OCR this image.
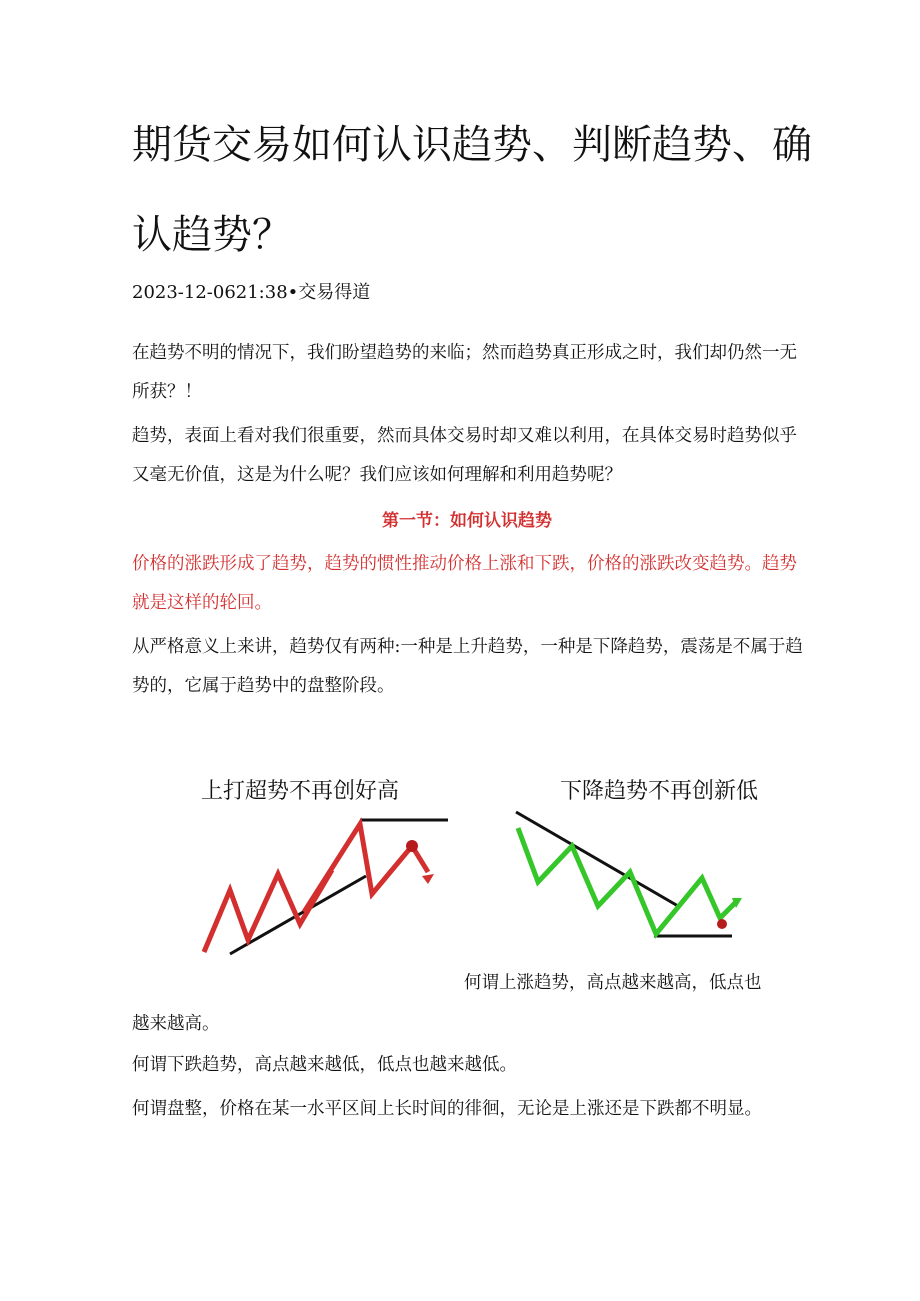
期货交易如何认识趋势、判断趋势、确认趋势？
2023-12-0621:38•交易得道

在趋势不明的情况下，我们盼望趋势的来临；然而趋势真正形成之时，我们却仍然一无所获？！

趋势，表面上看对我们很重要，然而具体交易时却又难以利用，在具体交易时趋势似乎又毫无价值，这是为什么呢？我们应该如何理解和利用趋势呢？

第一节：如何认识趋势

价格的涨跌形成了趋势，趋势的惯性推动价格上涨和下跌，价格的涨跌改变趋势。趋势就是这样的轮回。

从严格意义上来讲，趋势仅有两种:一种是上升趋势，一种是下降趋势，震荡是不属于趋势的，它属于趋势中的盘整阶段。

上打超势不再创好高	下降趋势不再创新低
何谓上涨趋势，高点越来越高，低点也
越来越高。

何谓下跌趋势，高点越来越低，低点也越来越低。

何谓盘整，价格在某一水平区间上长时间的徘徊，无论是上涨还是下跌都不明显。
